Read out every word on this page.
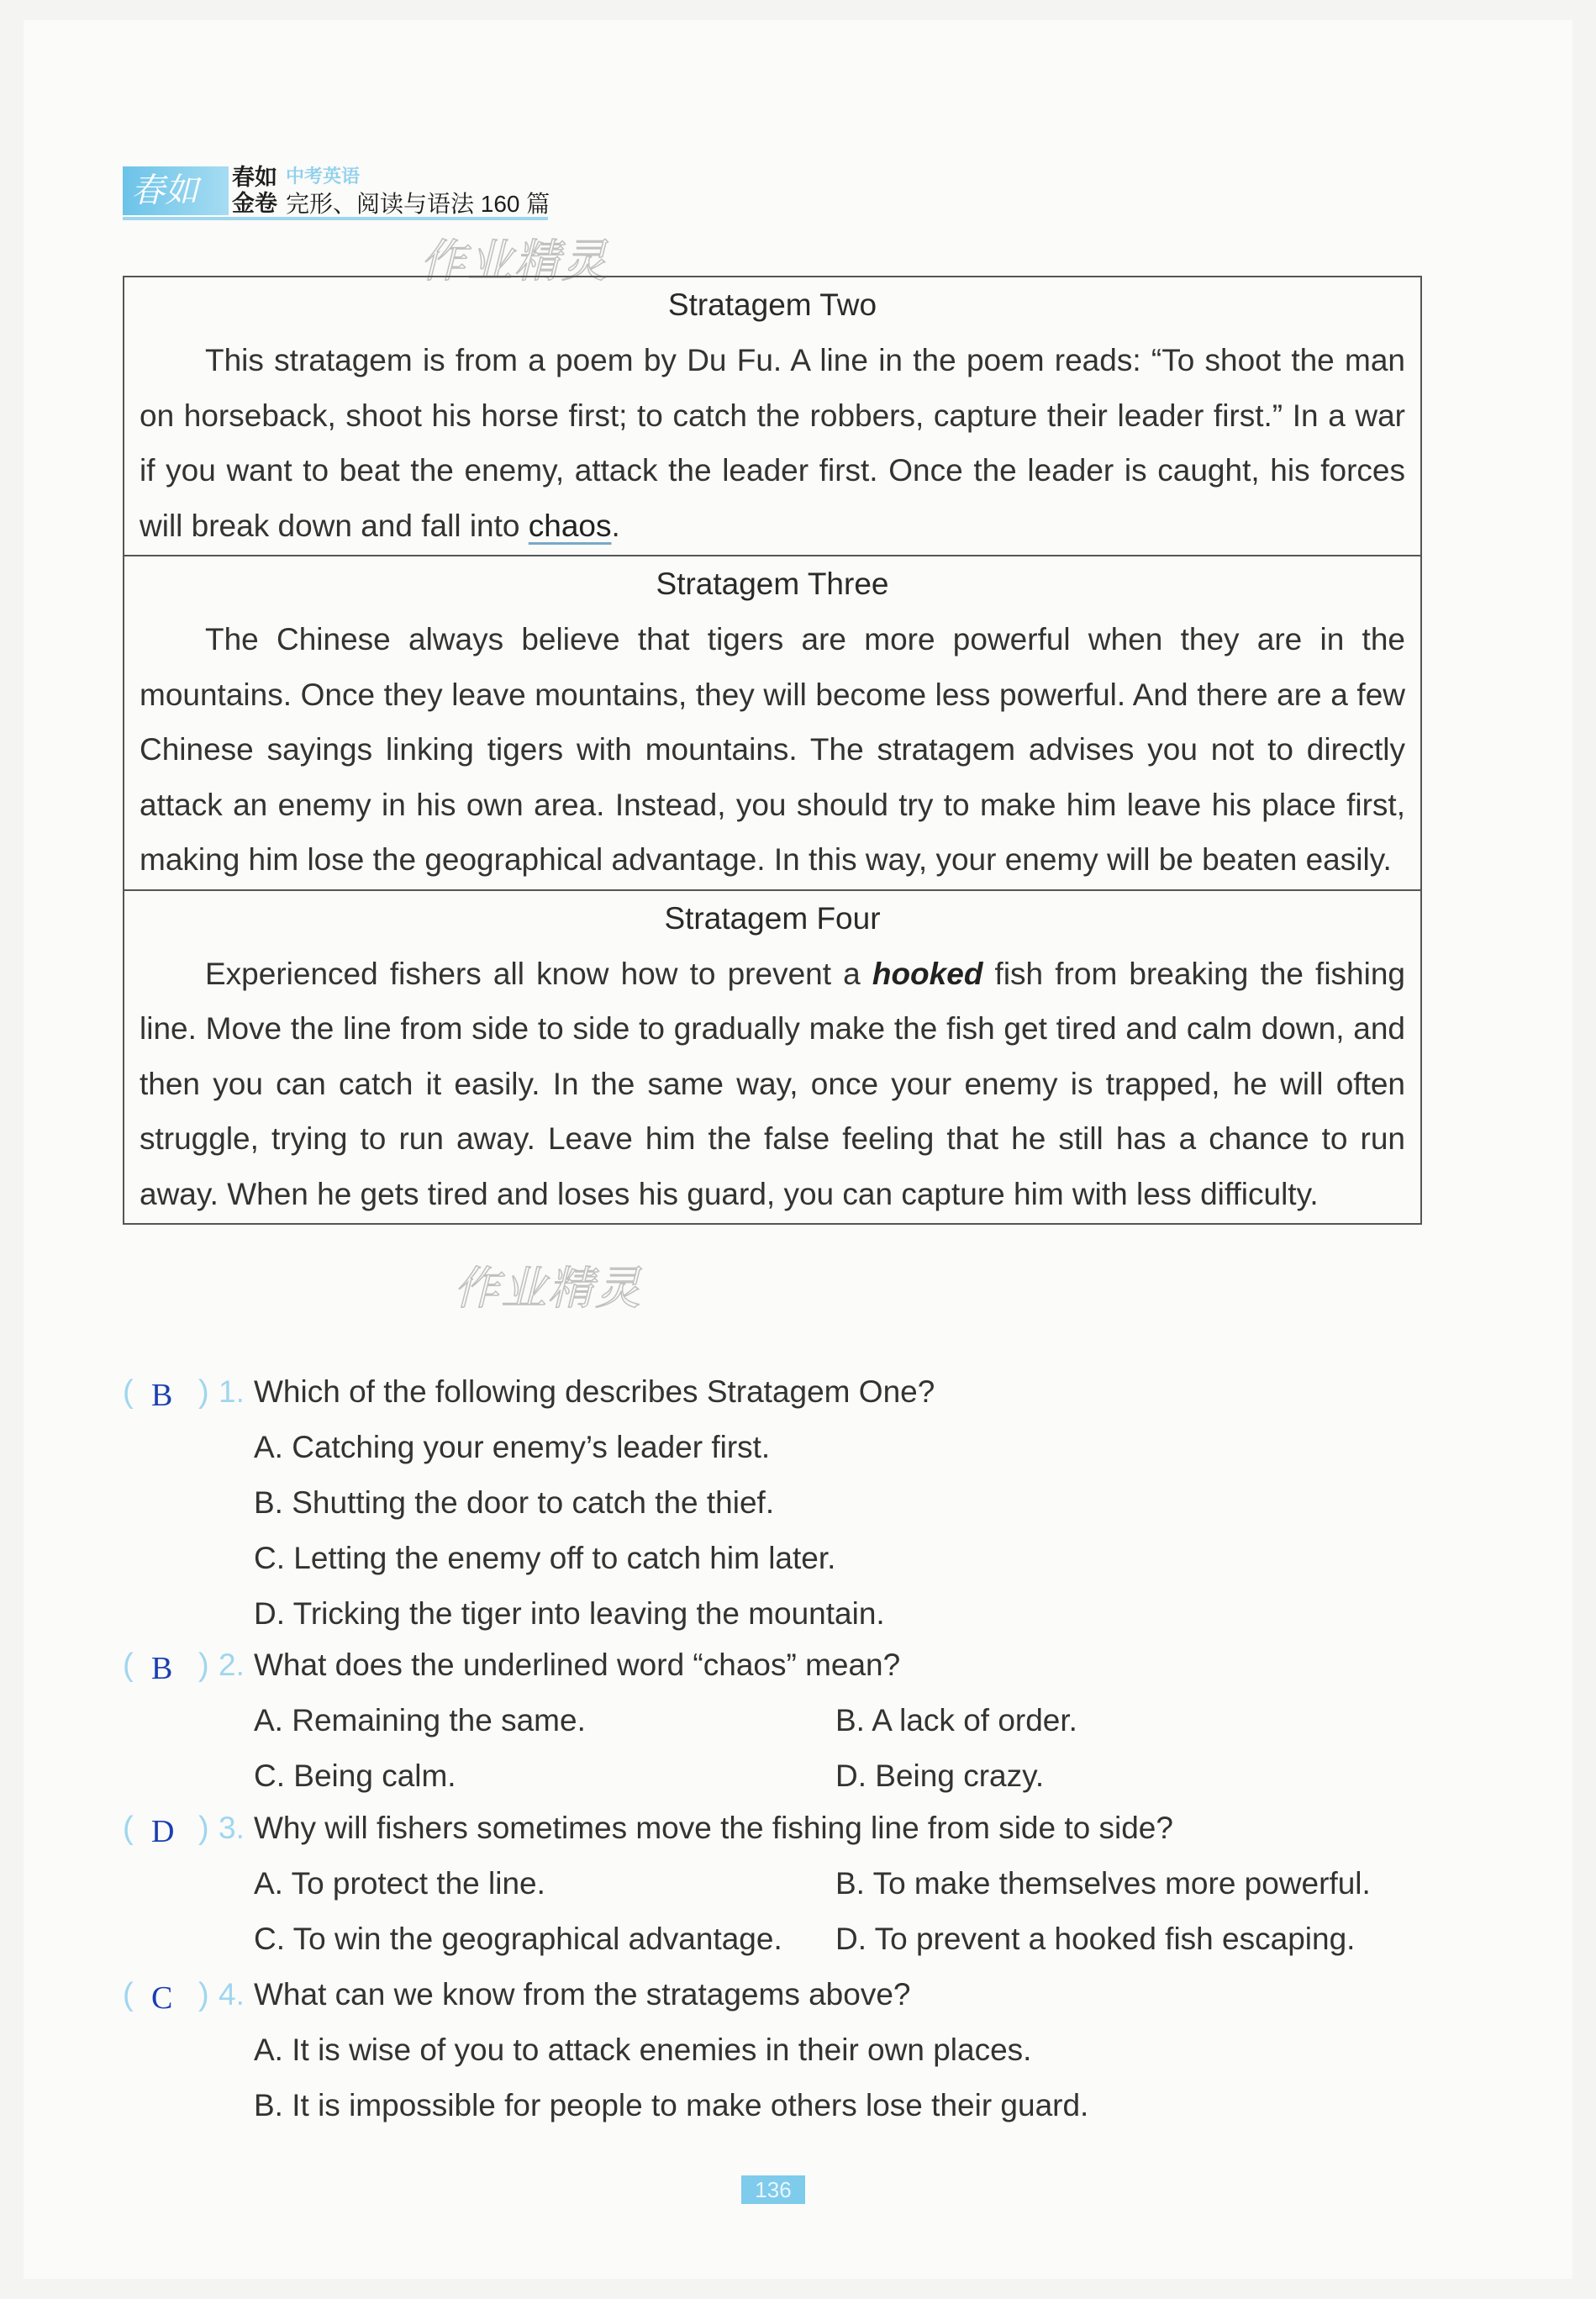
春如	春如
金卷
中考英语
完形、阅读与语法 160 篇
作业精灵
Stratagem Two

This stratagem is from a poem by Du Fu. A line in the poem reads: “To shoot the man on horseback, shoot his horse first; to catch the robbers, capture their leader first.” In a war if you want to beat the enemy, attack the leader first. Once the leader is caught, his forces will break down and fall into chaos.

Stratagem Three

The Chinese always believe that tigers are more powerful when they are in the mountains. Once they leave mountains, they will become less powerful. And there are a few Chinese sayings linking tigers with mountains. The stratagem advises you not to directly attack an enemy in his own area. Instead, you should try to make him leave his place first, making him lose the geographical advantage. In this way, your enemy will be beaten easily.

Stratagem Four

Experienced fishers all know how to prevent a hooked fish from breaking the fishing line. Move the line from side to side to gradually make the fish get tired and calm down, and then you can catch it easily. In the same way, once your enemy is trapped, he will often struggle, trying to run away. Leave him the false feeling that he still has a chance to run away. When he gets tired and loses his guard, you can capture him with less difficulty.

作业精灵
( B ) 1. Which of the following describes Stratagem One?
A. Catching your enemy’s leader first.
B. Shutting the door to catch the thief.
C. Letting the enemy off to catch him later.
D. Tricking the tiger into leaving the mountain.
( B ) 2. What does the underlined word “chaos” mean?
A. Remaining the same.	B. A lack of order.
C. Being calm.	D. Being crazy.
( D ) 3. Why will fishers sometimes move the fishing line from side to side?
A. To protect the line.	B. To make themselves more powerful.
C. To win the geographical advantage. D. To prevent a hooked fish escaping.
( C ) 4. What can we know from the stratagems above?
A. It is wise of you to attack enemies in their own places.
B. It is impossible for people to make others lose their guard.
136
